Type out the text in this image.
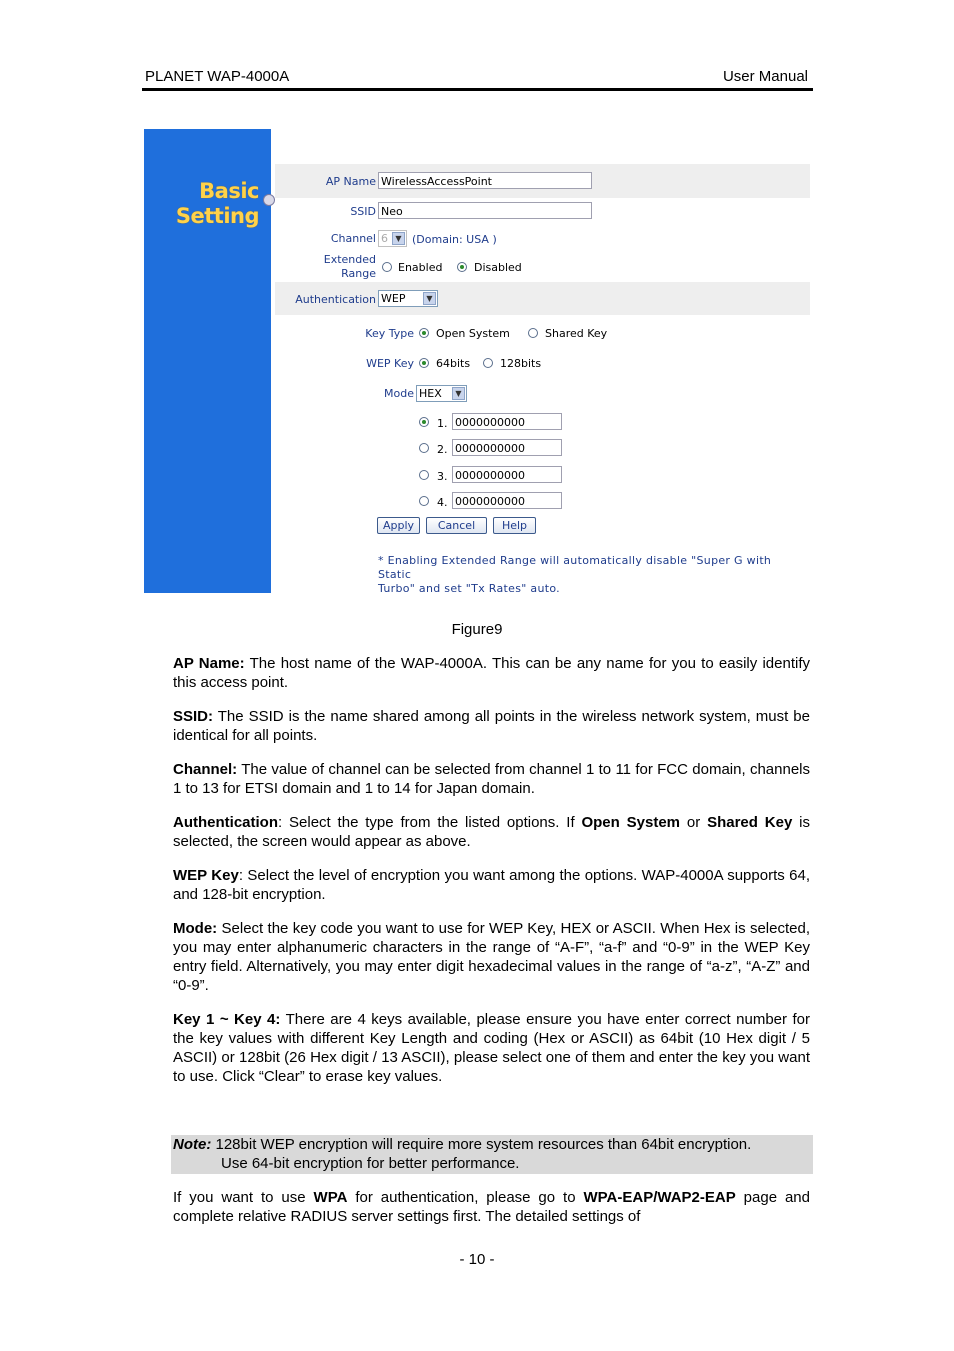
PLANET WAP-4000A	User Manual
Basic
Setting
AP Name WirelessAccessPoint
SSID Neo
Channel 6 ▼ (Domain: USA )
Extended
Range Enabled	Disabled
Authentication WEP	▼
Key Type Open System	Shared Key
WEP Key 64bits	128bits
Mode HEX	▼
1. 0000000000
2. 0000000000
3. 0000000000
4. 0000000000
Apply	Cancel	Help
* Enabling Extended Range will automatically disable "Super G with Static
Turbo" and set "Tx Rates" auto.
Figure9
AP Name: The host name of the WAP-4000A. This can be any name for you to easily identify this access point.
SSID: The SSID is the name shared among all points in the wireless network system, must be identical for all points.
Channel: The value of channel can be selected from channel 1 to 11 for FCC domain, channels 1 to 13 for ETSI domain and 1 to 14 for Japan domain.
Authentication: Select the type from the listed options. If Open System or Shared Key is selected, the screen would appear as above.
WEP Key: Select the level of encryption you want among the options. WAP-4000A supports 64, and 128-bit encryption.
Mode: Select the key code you want to use for WEP Key, HEX or ASCII. When Hex is selected, you may enter alphanumeric characters in the range of “A-F”, “a-f” and “0-9” in the WEP Key entry field. Alternatively, you may enter digit hexadecimal values in the range of “a-z”, “A-Z” and “0-9”.
Key 1 ~ Key 4: There are 4 keys available, please ensure you have enter correct number for the key values with different Key Length and coding (Hex or ASCII) as 64bit (10 Hex digit / 5 ASCII) or 128bit (26 Hex digit / 13 ASCII), please select one of them and enter the key you want to use. Click “Clear” to erase key values.
Note: 128bit WEP encryption will require more system resources than 64bit encryption.
Use 64-bit encryption for better performance.
If you want to use WPA for authentication, please go to WPA-EAP/WAP2-EAP page and complete relative RADIUS server settings first. The detailed settings of
- 10 -
